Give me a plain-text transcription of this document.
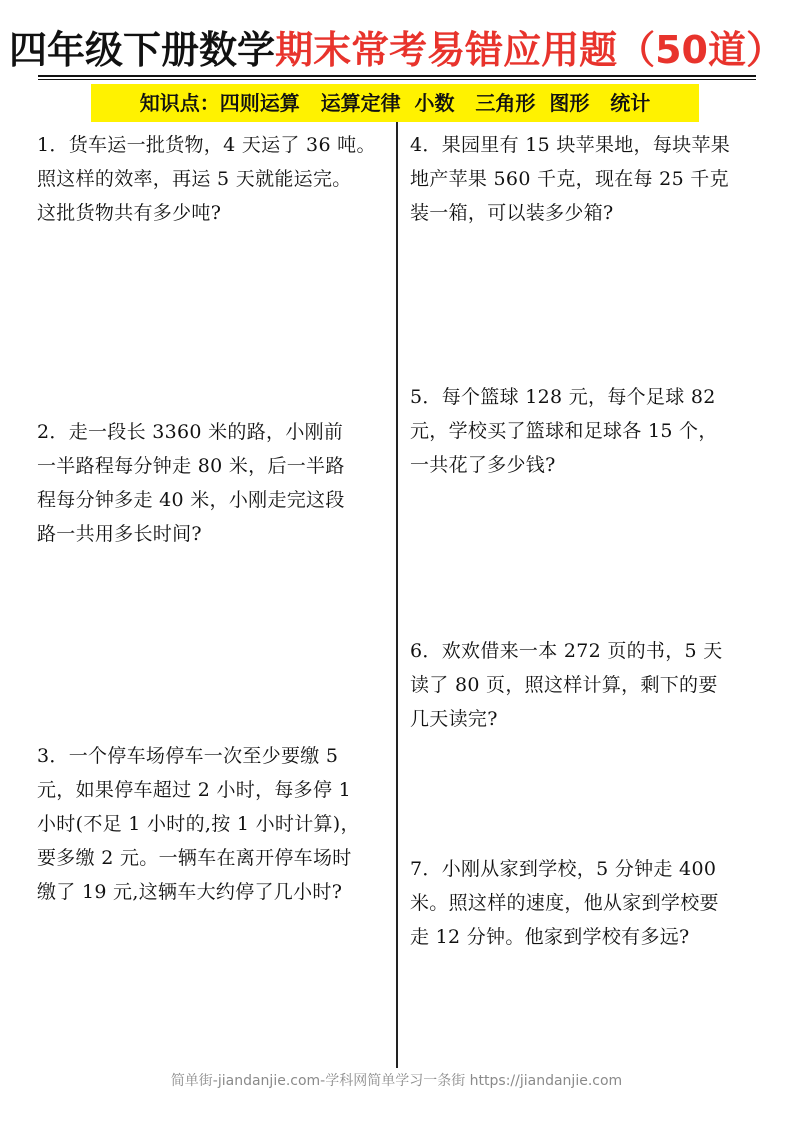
四年级下册数学期末常考易错应用题（50道）
知识点：四则运算   运算定律  小数   三角形  图形   统计
1．货车运一批货物，4 天运了 36 吨。
照这样的效率，再运 5 天就能运完。
这批货物共有多少吨?
2．走一段长 3360 米的路，小刚前
一半路程每分钟走 80 米，后一半路
程每分钟多走 40 米，小刚走完这段
路一共用多长时间?
3．一个停车场停车一次至少要缴 5
元，如果停车超过 2 小时，每多停 1
小时(不足 1 小时的,按 1 小时计算)，
要多缴 2 元。一辆车在离开停车场时
缴了 19 元,这辆车大约停了几小时?
4．果园里有 15 块苹果地，每块苹果
地产苹果 560 千克，现在每 25 千克
装一箱，可以装多少箱?
5．每个篮球 128 元，每个足球 82
元，学校买了篮球和足球各 15 个，
一共花了多少钱?
6．欢欢借来一本 272 页的书，5 天
读了 80 页，照这样计算，剩下的要
几天读完?
7．小刚从家到学校，5 分钟走 400
米。照这样的速度，他从家到学校要
走 12 分钟。他家到学校有多远?
简单街-jiandanjie.com-学科网简单学习一条街 https://jiandanjie.com
